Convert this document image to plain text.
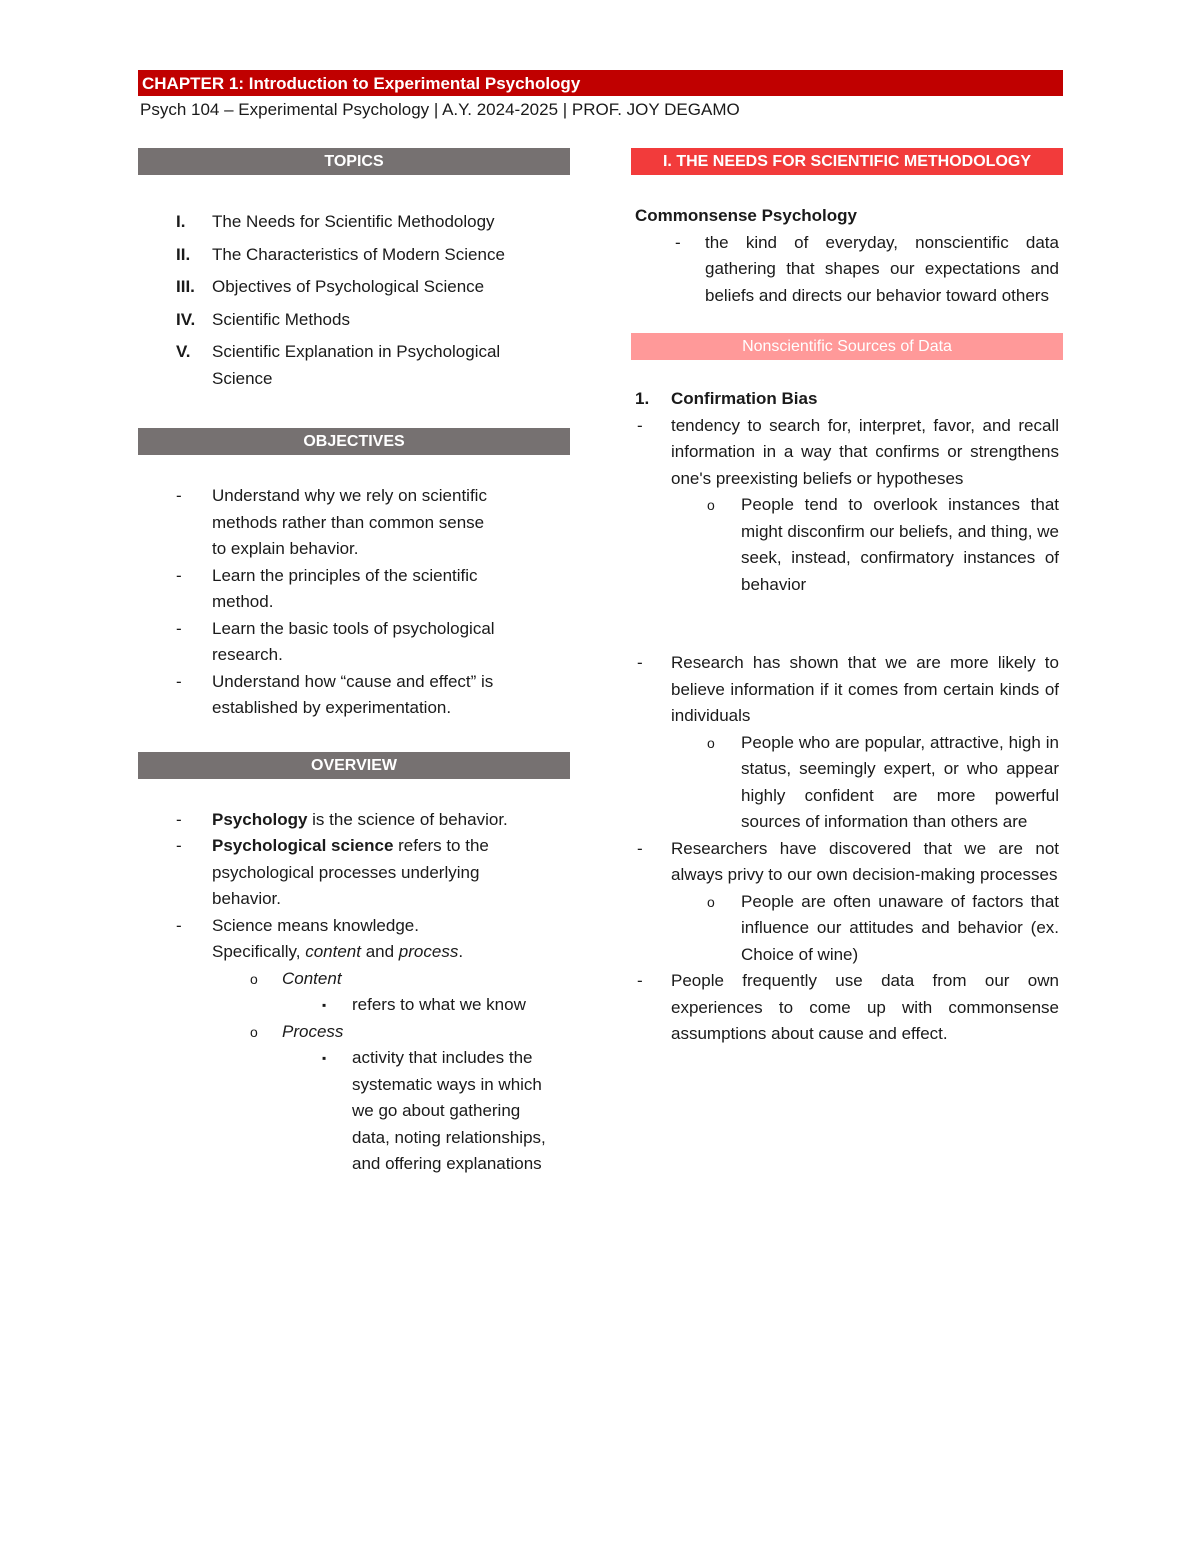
CHAPTER 1: Introduction to Experimental Psychology
Psych 104 – Experimental Psychology | A.Y. 2024-2025 | PROF. JOY DEGAMO
TOPICS
I. The Needs for Scientific Methodology
II. The Characteristics of Modern Science
III. Objectives of Psychological Science
IV. Scientific Methods
V. Scientific Explanation in Psychological Science
OBJECTIVES
- Understand why we rely on scientific methods rather than common sense to explain behavior.
- Learn the principles of the scientific method.
- Learn the basic tools of psychological research.
- Understand how “cause and effect” is established by experimentation.
OVERVIEW
- Psychology is the science of behavior.
- Psychological science refers to the psychological processes underlying behavior.
- Science means knowledge. Specifically, content and process.
o Content
▪ refers to what we know
o Process
▪ activity that includes the systematic ways in which we go about gathering data, noting relationships, and offering explanations
I. THE NEEDS FOR SCIENTIFIC METHODOLOGY
Commonsense Psychology
- the kind of everyday, nonscientific data gathering that shapes our expectations and beliefs and directs our behavior toward others
Nonscientific Sources of Data
1. Confirmation Bias
- tendency to search for, interpret, favor, and recall information in a way that confirms or strengthens one's preexisting beliefs or hypotheses
o People tend to overlook instances that might disconfirm our beliefs, and thing, we seek, instead, confirmatory instances of behavior
- Research has shown that we are more likely to believe information if it comes from certain kinds of individuals
o People who are popular, attractive, high in status, seemingly expert, or who appear highly confident are more powerful sources of information than others are
- Researchers have discovered that we are not always privy to our own decision-making processes
o People are often unaware of factors that influence our attitudes and behavior (ex. Choice of wine)
- People frequently use data from our own experiences to come up with commonsense assumptions about cause and effect.
